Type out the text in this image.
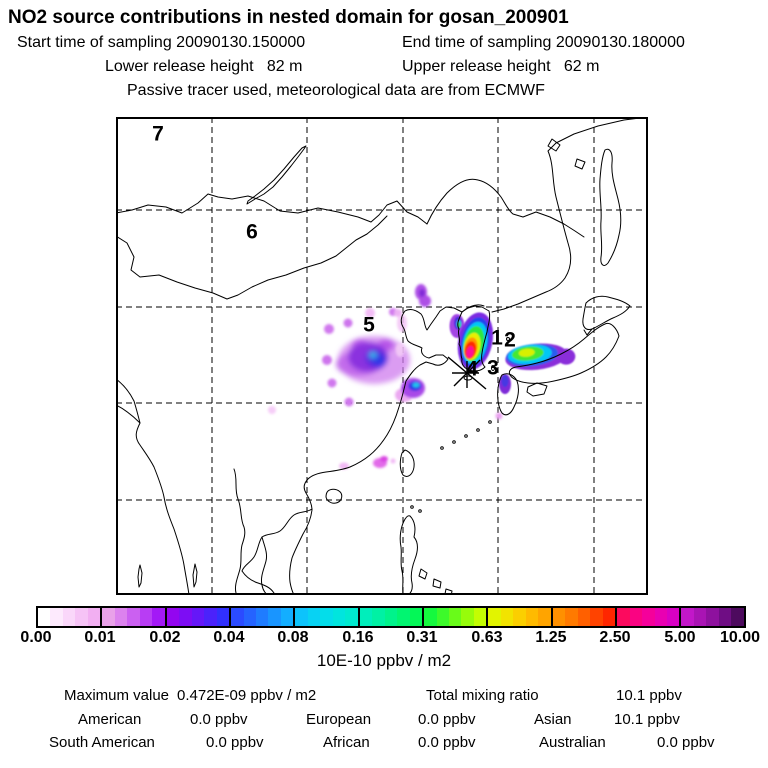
NO2 source contributions in nested domain for gosan_200901
Start time of sampling 20090130.150000	End time of sampling 20090130.180000
Lower release height   82 m	Upper release height   62 m
Passive tracer used, meteorological data are from ECMWF
1 2
3
4
5
6
7
0.00 0.01 0.02 0.04 0.08 0.16 0.31 0.63 1.25 2.50 5.00 10.00
10E-10 ppbv / m2
Maximum value 0.472E-09 ppbv / m2	Total mixing ratio	10.1 ppbv
American	0.0 ppbv	European	0.0 ppbv	Asian	10.1 ppbv
South American	0.0 ppbv	African	0.0 ppbv	Australian	0.0 ppbv
